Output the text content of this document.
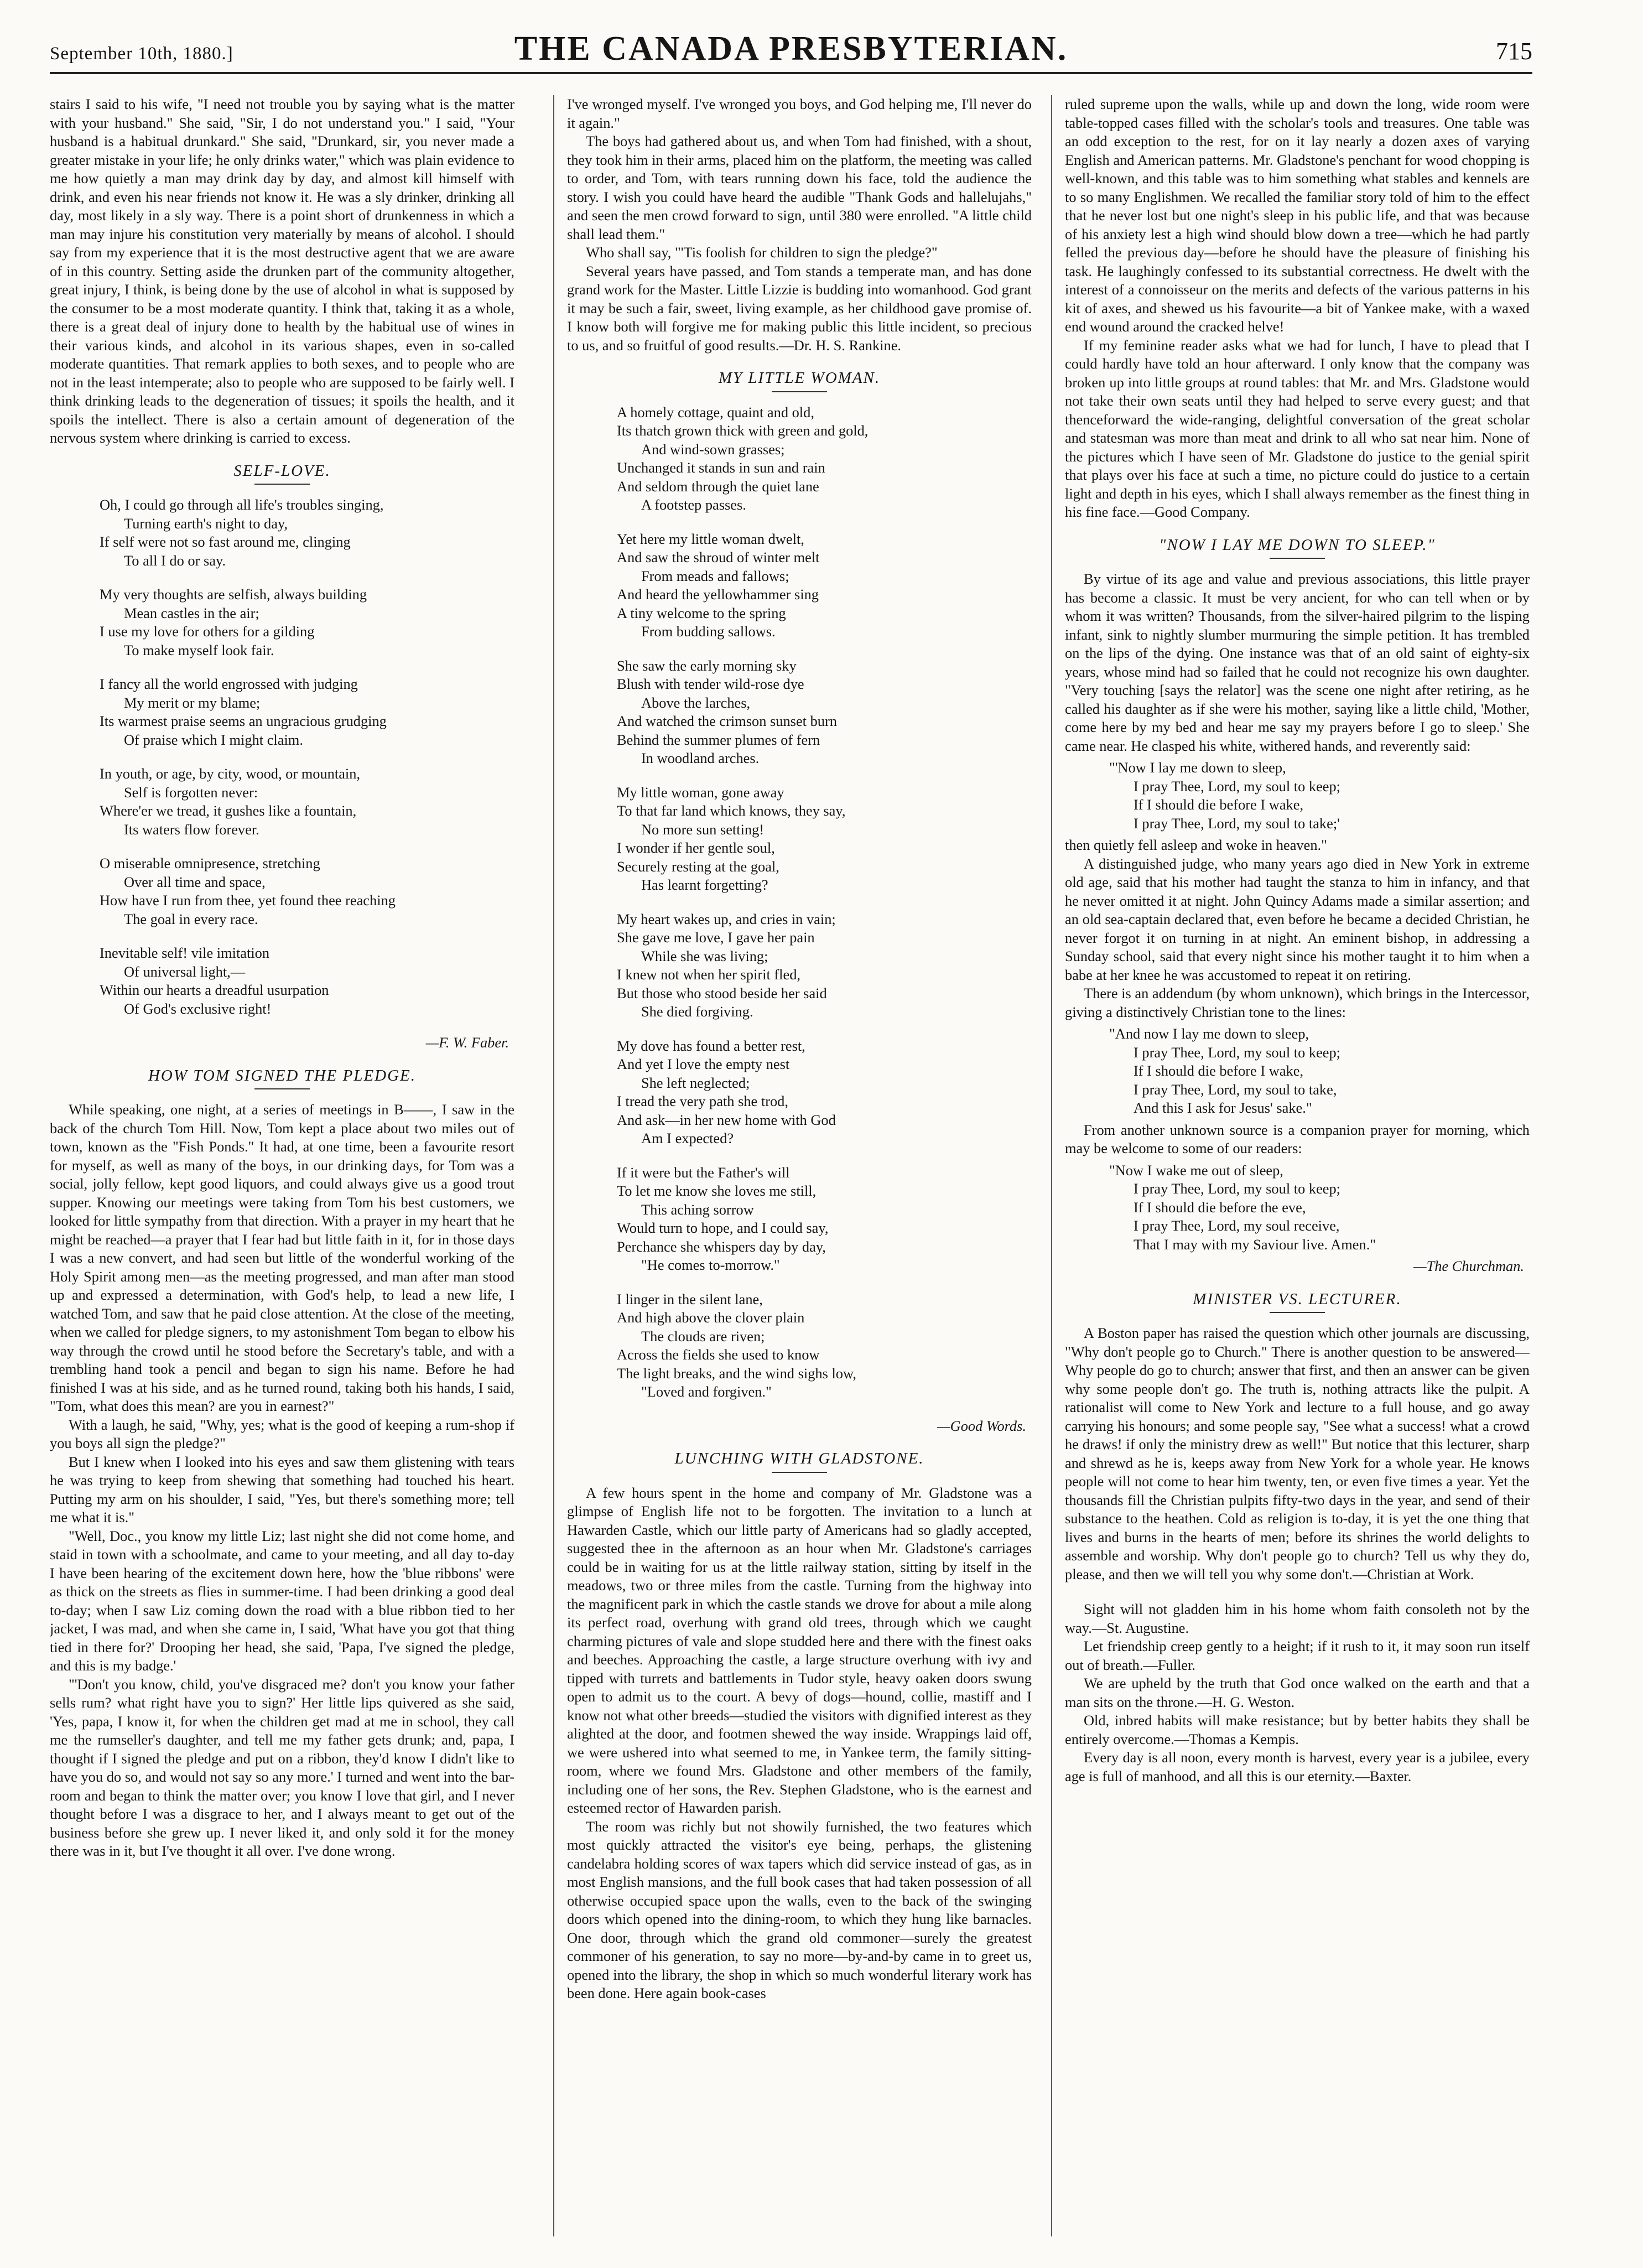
September 10th, 1880.]	THE CANADA PRESBYTERIAN.	715

stairs I said to his wife, "I need not trouble you by saying what is the matter with your husband." She said, "Sir, I do not understand you." I said, "Your husband is a habitual drunkard." She said, "Drunkard, sir, you never made a greater mistake in your life; he only drinks water," which was plain evidence to me how quietly a man may drink day by day, and almost kill himself with drink, and even his near friends not know it. He was a sly drinker, drinking all day, most likely in a sly way. There is a point short of drunkenness in which a man may injure his constitution very materially by means of alcohol. I should say from my experience that it is the most destructive agent that we are aware of in this country. Setting aside the drunken part of the community altogether, great injury, I think, is being done by the use of alcohol in what is supposed by the consumer to be a most moderate quantity. I think that, taking it as a whole, there is a great deal of injury done to health by the habitual use of wines in their various kinds, and alcohol in its various shapes, even in so-called moderate quantities. That remark applies to both sexes, and to people who are not in the least intemperate; also to people who are supposed to be fairly well. I think drinking leads to the degeneration of tissues; it spoils the health, and it spoils the intellect. There is also a certain amount of degeneration of the nervous system where drinking is carried to excess.

SELF-LOVE.
Oh, I could go through all life's troubles singing,
Turning earth's night to day,
If self were not so fast around me, clinging
To all I do or say.
My very thoughts are selfish, always building
Mean castles in the air;
I use my love for others for a gilding
To make myself look fair.
I fancy all the world engrossed with judging
My merit or my blame;
Its warmest praise seems an ungracious grudging
Of praise which I might claim.
In youth, or age, by city, wood, or mountain,
Self is forgotten never:
Where'er we tread, it gushes like a fountain,
Its waters flow forever.
O miserable omnipresence, stretching
Over all time and space,
How have I run from thee, yet found thee reaching
The goal in every race.
Inevitable self! vile imitation
Of universal light,—
Within our hearts a dreadful usurpation
Of God's exclusive right!
—F. W. Faber.
HOW TOM SIGNED THE PLEDGE.

While speaking, one night, at a series of meetings in B——, I saw in the back of the church Tom Hill. Now, Tom kept a place about two miles out of town, known as the "Fish Ponds." It had, at one time, been a favourite resort for myself, as well as many of the boys, in our drinking days, for Tom was a social, jolly fellow, kept good liquors, and could always give us a good trout supper. Knowing our meetings were taking from Tom his best customers, we looked for little sympathy from that direction. With a prayer in my heart that he might be reached—a prayer that I fear had but little faith in it, for in those days I was a new convert, and had seen but little of the wonderful working of the Holy Spirit among men—as the meeting progressed, and man after man stood up and expressed a determination, with God's help, to lead a new life, I watched Tom, and saw that he paid close attention. At the close of the meeting, when we called for pledge signers, to my astonishment Tom began to elbow his way through the crowd until he stood before the Secretary's table, and with a trembling hand took a pencil and began to sign his name. Before he had finished I was at his side, and as he turned round, taking both his hands, I said, "Tom, what does this mean? are you in earnest?"

With a laugh, he said, "Why, yes; what is the good of keeping a rum-shop if you boys all sign the pledge?"

But I knew when I looked into his eyes and saw them glistening with tears he was trying to keep from shewing that something had touched his heart. Putting my arm on his shoulder, I said, "Yes, but there's something more; tell me what it is."

"Well, Doc., you know my little Liz; last night she did not come home, and staid in town with a schoolmate, and came to your meeting, and all day to-day I have been hearing of the excitement down here, how the 'blue ribbons' were as thick on the streets as flies in summer-time. I had been drinking a good deal to-day; when I saw Liz coming down the road with a blue ribbon tied to her jacket, I was mad, and when she came in, I said, 'What have you got that thing tied in there for?' Drooping her head, she said, 'Papa, I've signed the pledge, and this is my badge.'

"'Don't you know, child, you've disgraced me? don't you know your father sells rum? what right have you to sign?' Her little lips quivered as she said, 'Yes, papa, I know it, for when the children get mad at me in school, they call me the rumseller's daughter, and tell me my father gets drunk; and, papa, I thought if I signed the pledge and put on a ribbon, they'd know I didn't like to have you do so, and would not say so any more.' I turned and went into the bar-room and began to think the matter over; you know I love that girl, and I never thought before I was a disgrace to her, and I always meant to get out of the business before she grew up. I never liked it, and only sold it for the money there was in it, but I've thought it all over. I've done wrong.

I've wronged myself. I've wronged you boys, and God helping me, I'll never do it again."

The boys had gathered about us, and when Tom had finished, with a shout, they took him in their arms, placed him on the platform, the meeting was called to order, and Tom, with tears running down his face, told the audience the story. I wish you could have heard the audible "Thank Gods and hallelujahs," and seen the men crowd forward to sign, until 380 were enrolled. "A little child shall lead them."

Who shall say, "'Tis foolish for children to sign the pledge?"

Several years have passed, and Tom stands a temperate man, and has done grand work for the Master. Little Lizzie is budding into womanhood. God grant it may be such a fair, sweet, living example, as her childhood gave promise of. I know both will forgive me for making public this little incident, so precious to us, and so fruitful of good results.—Dr. H. S. Rankine.

MY LITTLE WOMAN.
A homely cottage, quaint and old,
Its thatch grown thick with green and gold,
And wind-sown grasses;
Unchanged it stands in sun and rain
And seldom through the quiet lane
A footstep passes.
Yet here my little woman dwelt,
And saw the shroud of winter melt
From meads and fallows;
And heard the yellowhammer sing
A tiny welcome to the spring
From budding sallows.
She saw the early morning sky
Blush with tender wild-rose dye
Above the larches,
And watched the crimson sunset burn
Behind the summer plumes of fern
In woodland arches.
My little woman, gone away
To that far land which knows, they say,
No more sun setting!
I wonder if her gentle soul,
Securely resting at the goal,
Has learnt forgetting?
My heart wakes up, and cries in vain;
She gave me love, I gave her pain
While she was living;
I knew not when her spirit fled,
But those who stood beside her said
She died forgiving.
My dove has found a better rest,
And yet I love the empty nest
She left neglected;
I tread the very path she trod,
And ask—in her new home with God
Am I expected?
If it were but the Father's will
To let me know she loves me still,
This aching sorrow
Would turn to hope, and I could say,
Perchance she whispers day by day,
"He comes to-morrow."
I linger in the silent lane,
And high above the clover plain
The clouds are riven;
Across the fields she used to know
The light breaks, and the wind sighs low,
"Loved and forgiven."
—Good Words.
LUNCHING WITH GLADSTONE.

A few hours spent in the home and company of Mr. Gladstone was a glimpse of English life not to be forgotten. The invitation to a lunch at Hawarden Castle, which our little party of Americans had so gladly accepted, suggested thee in the afternoon as an hour when Mr. Gladstone's carriages could be in waiting for us at the little railway station, sitting by itself in the meadows, two or three miles from the castle. Turning from the highway into the magnificent park in which the castle stands we drove for about a mile along its perfect road, overhung with grand old trees, through which we caught charming pictures of vale and slope studded here and there with the finest oaks and beeches. Approaching the castle, a large structure overhung with ivy and tipped with turrets and battlements in Tudor style, heavy oaken doors swung open to admit us to the court. A bevy of dogs—hound, collie, mastiff and I know not what other breeds—studied the visitors with dignified interest as they alighted at the door, and footmen shewed the way inside. Wrappings laid off, we were ushered into what seemed to me, in Yankee term, the family sitting-room, where we found Mrs. Gladstone and other members of the family, including one of her sons, the Rev. Stephen Gladstone, who is the earnest and esteemed rector of Hawarden parish.

The room was richly but not showily furnished, the two features which most quickly attracted the visitor's eye being, perhaps, the glistening candelabra holding scores of wax tapers which did service instead of gas, as in most English mansions, and the full book cases that had taken possession of all otherwise occupied space upon the walls, even to the back of the swinging doors which opened into the dining-room, to which they hung like barnacles. One door, through which the grand old commoner—surely the greatest commoner of his generation, to say no more—by-and-by came in to greet us, opened into the library, the shop in which so much wonderful literary work has been done. Here again book-cases

ruled supreme upon the walls, while up and down the long, wide room were table-topped cases filled with the scholar's tools and treasures. One table was an odd exception to the rest, for on it lay nearly a dozen axes of varying English and American patterns. Mr. Gladstone's penchant for wood chopping is well-known, and this table was to him something what stables and kennels are to so many Englishmen. We recalled the familiar story told of him to the effect that he never lost but one night's sleep in his public life, and that was because of his anxiety lest a high wind should blow down a tree—which he had partly felled the previous day—before he should have the pleasure of finishing his task. He laughingly confessed to its substantial correctness. He dwelt with the interest of a connoisseur on the merits and defects of the various patterns in his kit of axes, and shewed us his favourite—a bit of Yankee make, with a waxed end wound around the cracked helve!

If my feminine reader asks what we had for lunch, I have to plead that I could hardly have told an hour afterward. I only know that the company was broken up into little groups at round tables: that Mr. and Mrs. Gladstone would not take their own seats until they had helped to serve every guest; and that thenceforward the wide-ranging, delightful conversation of the great scholar and statesman was more than meat and drink to all who sat near him. None of the pictures which I have seen of Mr. Gladstone do justice to the genial spirit that plays over his face at such a time, no picture could do justice to a certain light and depth in his eyes, which I shall always remember as the finest thing in his fine face.—Good Company.

"NOW I LAY ME DOWN TO SLEEP."

By virtue of its age and value and previous associations, this little prayer has become a classic. It must be very ancient, for who can tell when or by whom it was written? Thousands, from the silver-haired pilgrim to the lisping infant, sink to nightly slumber murmuring the simple petition. It has trembled on the lips of the dying. One instance was that of an old saint of eighty-six years, whose mind had so failed that he could not recognize his own daughter. "Very touching [says the relator] was the scene one night after retiring, as he called his daughter as if she were his mother, saying like a little child, 'Mother, come here by my bed and hear me say my prayers before I go to sleep.' She came near. He clasped his white, withered hands, and reverently said:

"'Now I lay me down to sleep,
I pray Thee, Lord, my soul to keep;
If I should die before I wake,
I pray Thee, Lord, my soul to take;'

then quietly fell asleep and woke in heaven."

A distinguished judge, who many years ago died in New York in extreme old age, said that his mother had taught the stanza to him in infancy, and that he never omitted it at night. John Quincy Adams made a similar assertion; and an old sea-captain declared that, even before he became a decided Christian, he never forgot it on turning in at night. An eminent bishop, in addressing a Sunday school, said that every night since his mother taught it to him when a babe at her knee he was accustomed to repeat it on retiring.

There is an addendum (by whom unknown), which brings in the Intercessor, giving a distinctively Christian tone to the lines:

"And now I lay me down to sleep,
I pray Thee, Lord, my soul to keep;
If I should die before I wake,
I pray Thee, Lord, my soul to take,
And this I ask for Jesus' sake."

From another unknown source is a companion prayer for morning, which may be welcome to some of our readers:

"Now I wake me out of sleep,
I pray Thee, Lord, my soul to keep;
If I should die before the eve,
I pray Thee, Lord, my soul receive,
That I may with my Saviour live. Amen."
—The Churchman.
MINISTER VS. LECTURER.

A Boston paper has raised the question which other journals are discussing, "Why don't people go to Church." There is another question to be answered—Why people do go to church; answer that first, and then an answer can be given why some people don't go. The truth is, nothing attracts like the pulpit. A rationalist will come to New York and lecture to a full house, and go away carrying his honours; and some people say, "See what a success! what a crowd he draws! if only the ministry drew as well!" But notice that this lecturer, sharp and shrewd as he is, keeps away from New York for a whole year. He knows people will not come to hear him twenty, ten, or even five times a year. Yet the thousands fill the Christian pulpits fifty-two days in the year, and send of their substance to the heathen. Cold as religion is to-day, it is yet the one thing that lives and burns in the hearts of men; before its shrines the world delights to assemble and worship. Why don't people go to church? Tell us why they do, please, and then we will tell you why some don't.—Christian at Work.

Sight will not gladden him in his home whom faith consoleth not by the way.—St. Augustine.

Let friendship creep gently to a height; if it rush to it, it may soon run itself out of breath.—Fuller.

We are upheld by the truth that God once walked on the earth and that a man sits on the throne.—H. G. Weston.

Old, inbred habits will make resistance; but by better habits they shall be entirely overcome.—Thomas a Kempis.

Every day is all noon, every month is harvest, every year is a jubilee, every age is full of manhood, and all this is our eternity.—Baxter.
